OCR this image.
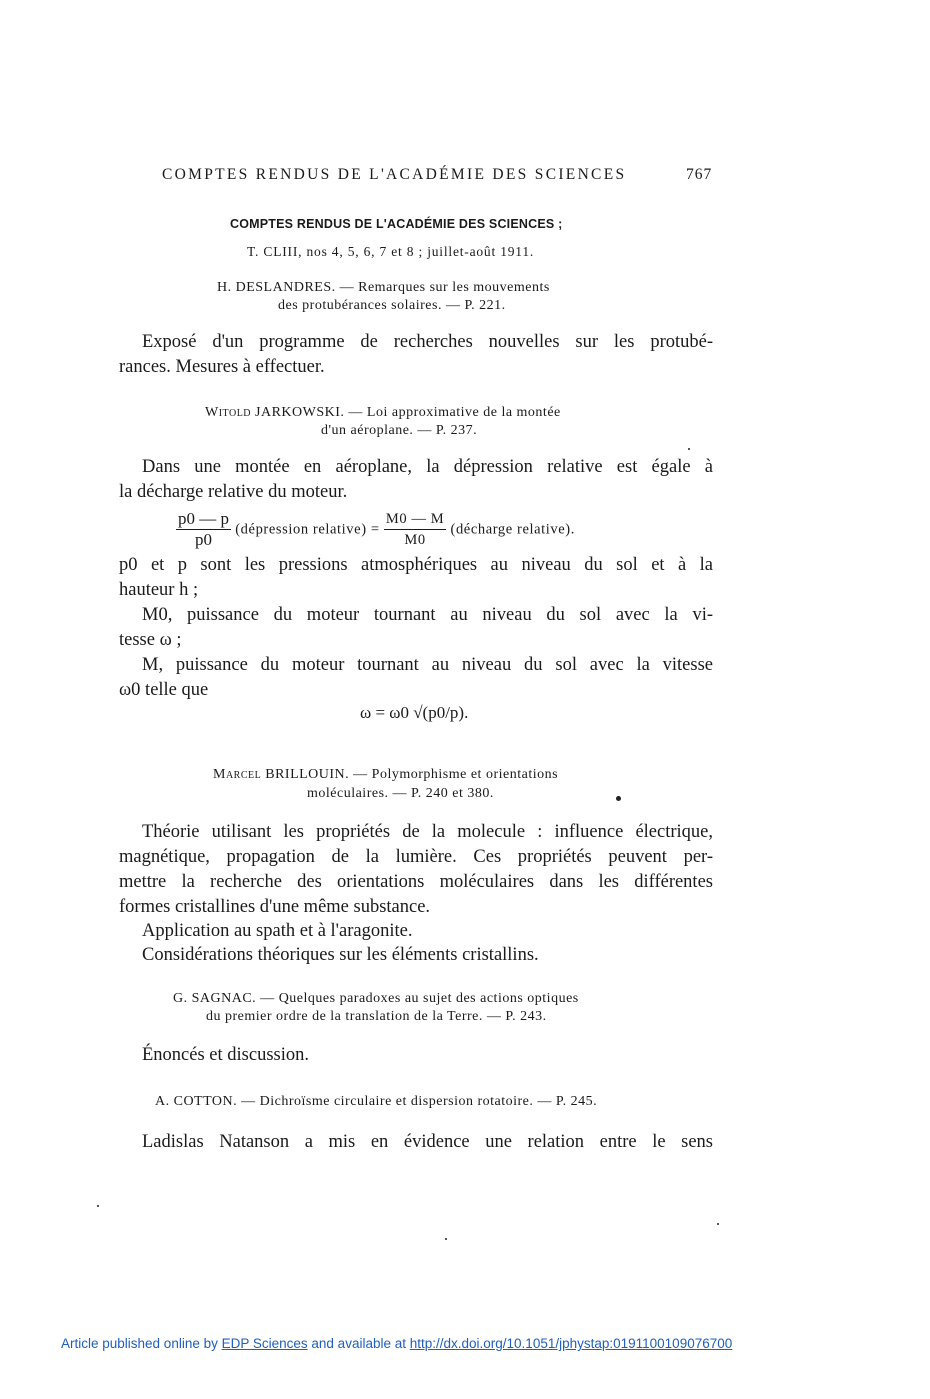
COMPTES RENDUS DE L'ACADÉMIE DES SCIENCES	767
COMPTES RENDUS DE L'ACADÉMIE DES SCIENCES ;
T. CLIII, nos 4, 5, 6, 7 et 8 ; juillet-août 1911.
H. DESLANDRES. — Remarques sur les mouvements
des protubérances solaires. — P. 221.
Exposé d'un programme de recherches nouvelles sur les protubé-
rances. Mesures à effectuer.
Witold JARKOWSKI. — Loi approximative de la montée
d'un aéroplane. — P. 237.
Dans une montée en aéroplane, la dépression relative est égale à
la décharge relative du moteur.
$\frac{p0 — p}{p0}$ (dépression relative) = $\frac{M0 — M}{M0}$ (décharge relative).
p0 et p sont les pressions atmosphériques au niveau du sol et à la
hauteur h ;
M0, puissance du moteur tournant au niveau du sol avec la vi-
tesse ω ;
M, puissance du moteur tournant au niveau du sol avec la vitesse
ω0 telle que
ω = ω0 √(p0/p).
Marcel BRILLOUIN. — Polymorphisme et orientations
moléculaires. — P. 240 et 380.
Théorie utilisant les propriétés de la molecule : influence électrique,
magnétique, propagation de la lumière. Ces propriétés peuvent per-
mettre la recherche des orientations moléculaires dans les différentes
formes cristallines d'une même substance.
Application au spath et à l'aragonite.
Considérations théoriques sur les éléments cristallins.
G. SAGNAC. — Quelques paradoxes au sujet des actions optiques
du premier ordre de la translation de la Terre. — P. 243.
Énoncés et discussion.
A. COTTON. — Dichroïsme circulaire et dispersion rotatoire. — P. 245.
Ladislas Natanson a mis en évidence une relation entre le sens
Article published online by EDP Sciences and available at http://dx.doi.org/10.1051/jphystap:0191100109076700
